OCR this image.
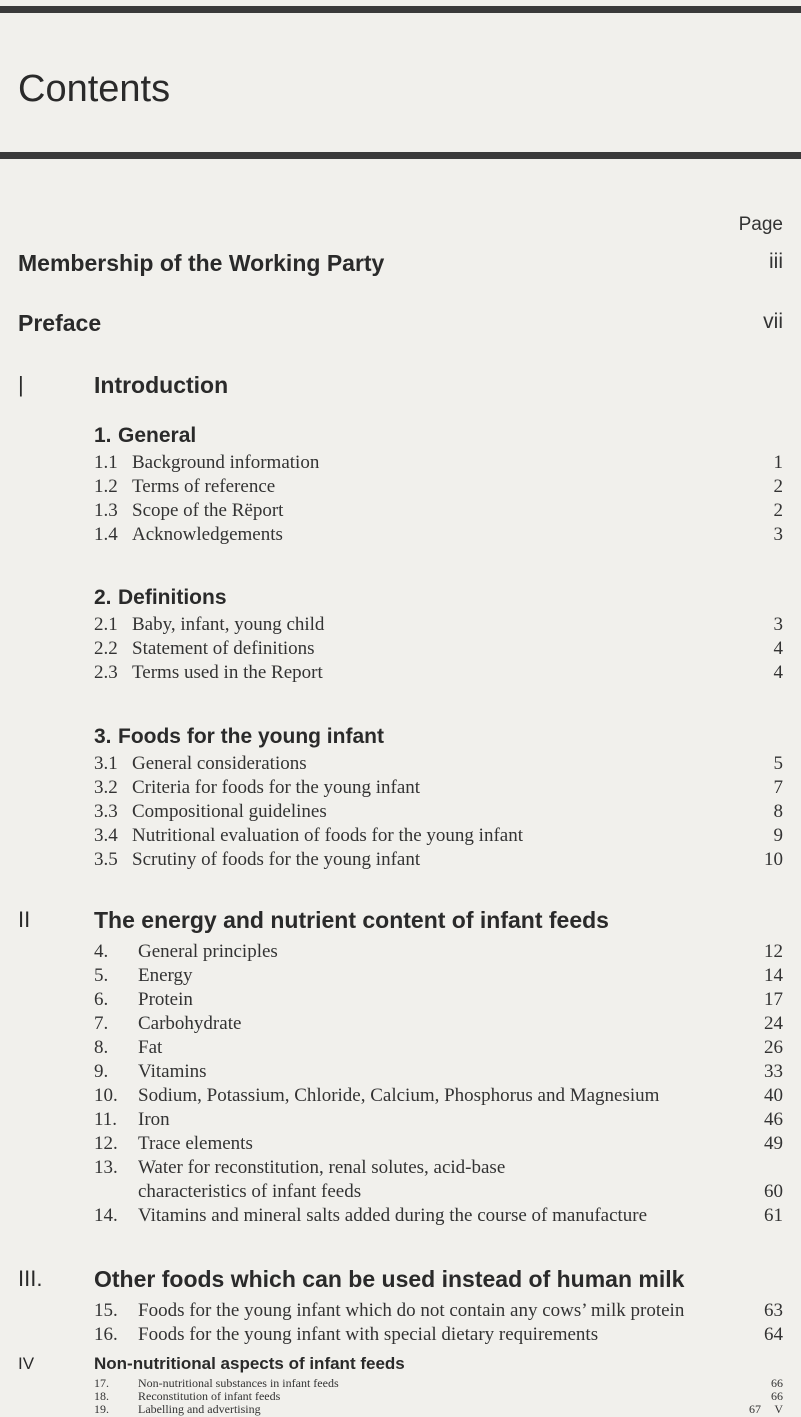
Contents
Page
Membership of the Working Party	iii
Preface	vii
|	Introduction
1. General
1.1 Background information	1
1.2 Terms of reference	2
1.3 Scope of the Rёport	2
1.4 Acknowledgements	3
2. Definitions
2.1 Baby, infant, young child	3
2.2 Statement of definitions	4
2.3 Terms used in the Report	4
3. Foods for the young infant
3.1 General considerations	5
3.2 Criteria for foods for the young infant	7
3.3 Compositional guidelines	8
3.4 Nutritional evaluation of foods for the young infant	9
3.5 Scrutiny of foods for the young infant	10
II	The energy and nutrient content of infant feeds
4. General principles	12
5. Energy	14
6. Protein	17
7. Carbohydrate	24
8. Fat	26
9. Vitamins	33
10. Sodium, Potassium, Chloride, Calcium, Phosphorus and Magnesium	40
11. Iron	46
12. Trace elements	49
13. Water for reconstitution, renal solutes, acid-base
characteristics of infant feeds	60
14. Vitamins and mineral salts added during the course of manufacture	61
III. Other foods which can be used instead of human milk
15. Foods for the young infant which do not contain any cows’ milk protein	63
16. Foods for the young infant with special dietary requirements	64
IV	Non-nutritional aspects of infant feeds
17. Non-nutritional substances in infant feeds	66
18. Reconstitution of infant feeds	66
19. Labelling and advertising	67 V
